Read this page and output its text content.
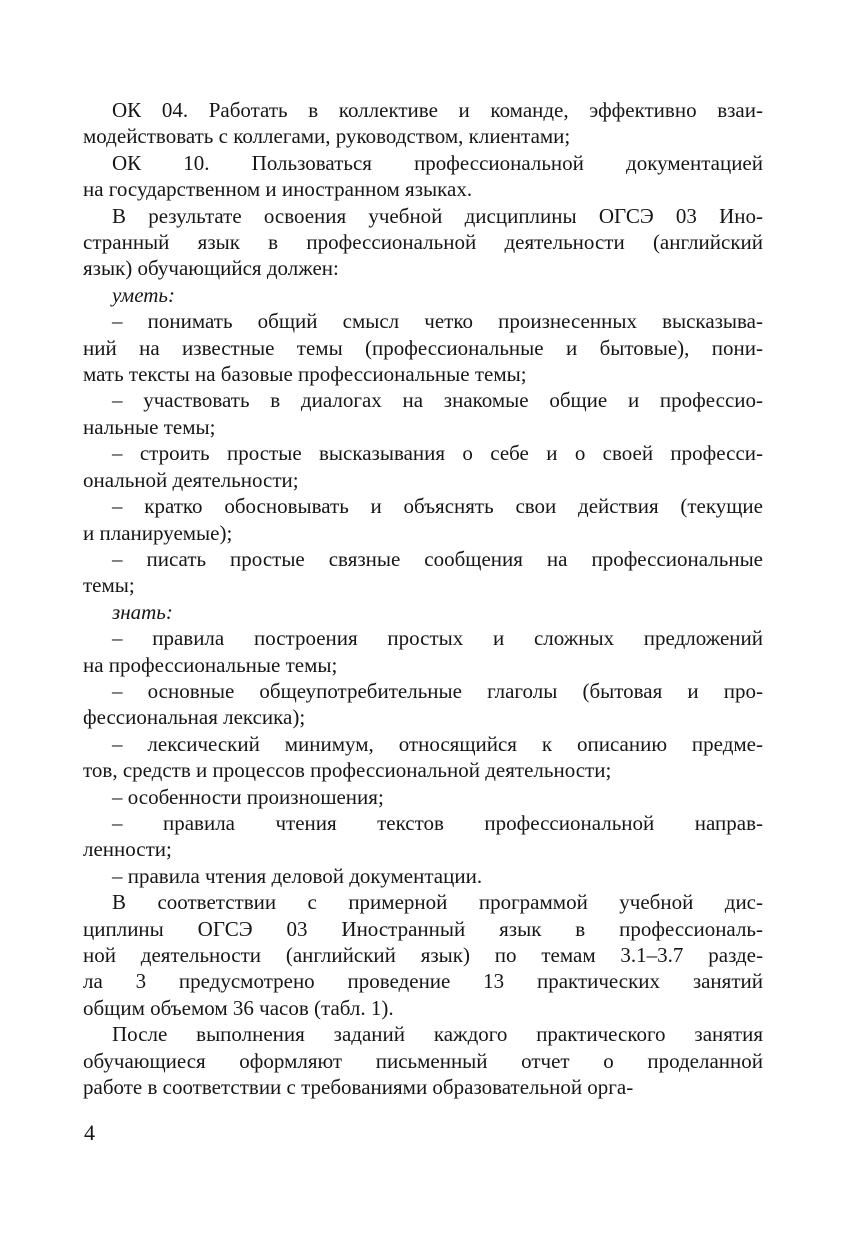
ОК 04. Работать в коллективе и команде, эффективно взаи-
модействовать с коллегами, руководством, клиентами;
ОК 10. Пользоваться профессиональной документацией
на государственном и иностранном языках.
В результате освоения учебной дисциплины ОГСЭ 03 Ино-
странный язык в профессиональной деятельности (английский
язык) обучающийся должен:
уметь:
– понимать общий смысл четко произнесенных высказыва-
ний на известные темы (профессиональные и бытовые), пони-
мать тексты на базовые профессиональные темы;
– участвовать в диалогах на знакомые общие и профессио-
нальные темы;
– строить простые высказывания о себе и о своей професси-
ональной деятельности;
– кратко обосновывать и объяснять свои действия (текущие
и планируемые);
– писать простые связные сообщения на профессиональные
темы;
знать:
– правила построения простых и сложных предложений
на профессиональные темы;
– основные общеупотребительные глаголы (бытовая и про-
фессиональная лексика);
– лексический минимум, относящийся к описанию предме-
тов, средств и процессов профессиональной деятельности;
– особенности произношения;
– правила чтения текстов профессиональной направ-
ленности;
– правила чтения деловой документации.
В соответствии с примерной программой учебной дис-
циплины ОГСЭ 03 Иностранный язык в профессиональ-
ной деятельности (английский язык) по темам 3.1–3.7 разде-
ла 3 предусмотрено проведение 13 практических занятий
общим объемом 36 часов (табл. 1).
После выполнения заданий каждого практического занятия
обучающиеся оформляют письменный отчет о проделанной
работе в соответствии с требованиями образовательной орга-
4
